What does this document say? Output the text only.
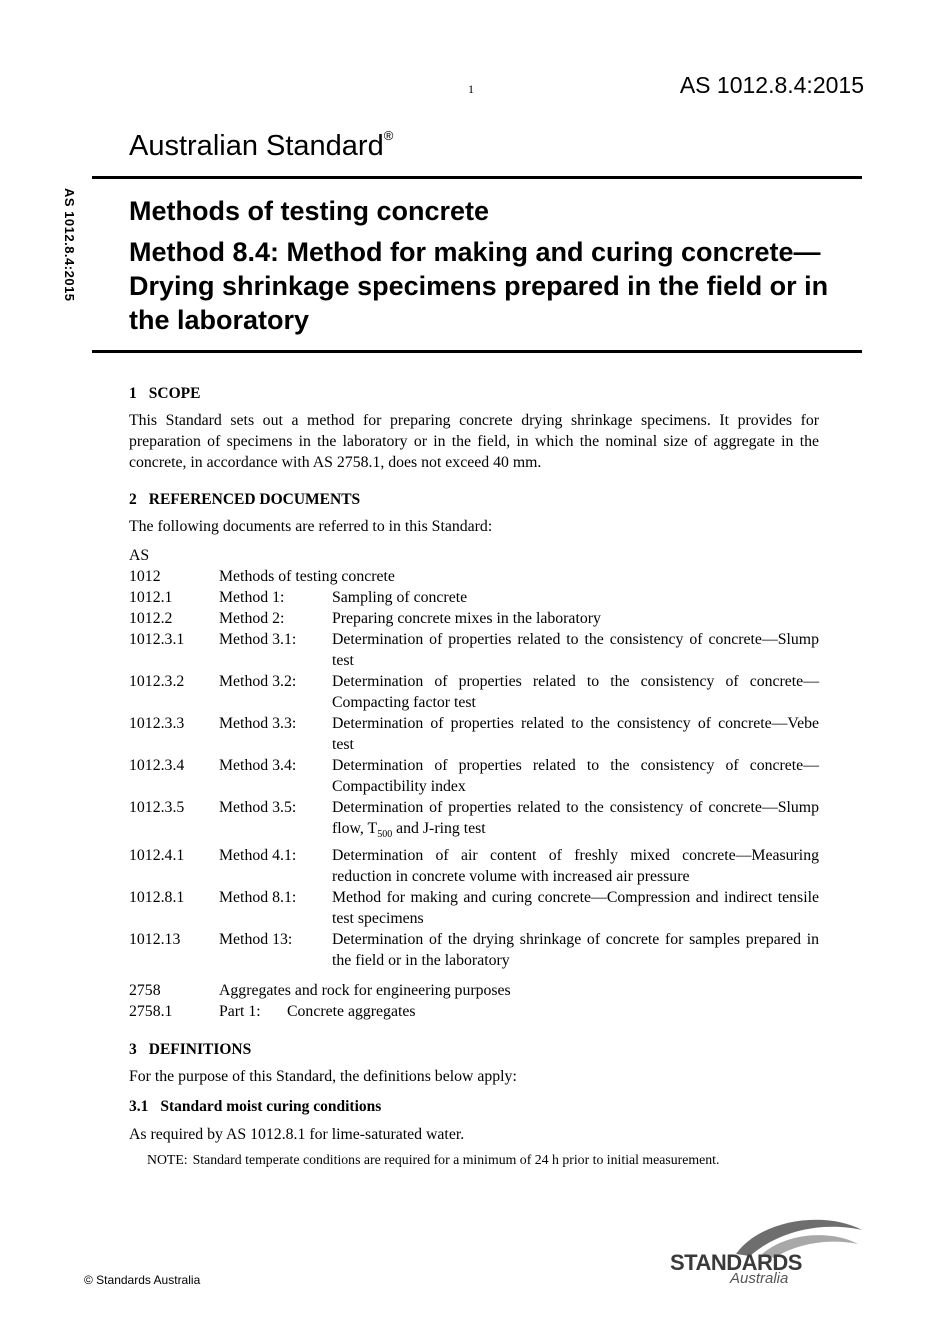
1	AS 1012.8.4:2015
AS 1012.8.4:2015
Australian Standard®
Methods of testing concrete
Method 8.4: Method for making and curing concrete—Drying shrinkage specimens prepared in the field or in the laboratory
1 SCOPE

This Standard sets out a method for preparing concrete drying shrinkage specimens. It provides for preparation of specimens in the laboratory or in the field, in which the nominal size of aggregate in the concrete, in accordance with AS 2758.1, does not exceed 40 mm.

2 REFERENCED DOCUMENTS

The following documents are referred to in this Standard:

AS
1012	Methods of testing concrete
1012.1	Method 1:	Sampling of concrete
1012.2	Method 2:	Preparing concrete mixes in the laboratory
1012.3.1	Method 3.1:	Determination of properties related to the consistency of concrete—Slump test
1012.3.2	Method 3.2:	Determination of properties related to the consistency of concrete—Compacting factor test
1012.3.3	Method 3.3:	Determination of properties related to the consistency of concrete—Vebe test
1012.3.4	Method 3.4:	Determination of properties related to the consistency of concrete—Compactibility index
1012.3.5	Method 3.5:	Determination of properties related to the consistency of concrete—Slump flow, $T_{500}$ and J-ring test
1012.4.1	Method 4.1:	Determination of air content of freshly mixed concrete—Measuring reduction in concrete volume with increased air pressure
1012.8.1	Method 8.1:	Method for making and curing concrete—Compression and indirect tensile test specimens
1012.13	Method 13:	Determination of the drying shrinkage of concrete for samples prepared in the field or in the laboratory
2758	Aggregates and rock for engineering purposes
2758.1	Part 1: Concrete aggregates
3 DEFINITIONS

For the purpose of this Standard, the definitions below apply:

3.1 Standard moist curing conditions

As required by AS 1012.8.1 for lime-saturated water.

NOTE: Standard temperate conditions are required for a minimum of 24 h prior to initial measurement.
© Standards Australia
STANDARDS
Australia
